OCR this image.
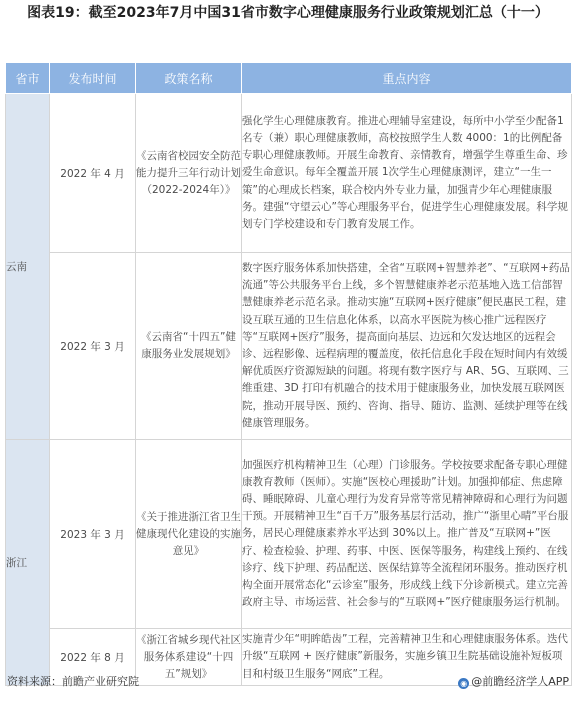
图表19：截至2023年7月中国31省市数字心理健康服务行业政策规划汇总（十一）
省市	发布时间	政策名称	重点内容
云南	2022 年 4 月	《云南省校园安全防范能力提升三年行动计划（2022-2024年）》	强化学生心理健康教育。推进心理辅导室建设，每所中小学至少配备1名专（兼）职心理健康教师，高校按照学生人数 4000：1的比例配备专职心理健康教师。开展生命教育、亲情教育，增强学生尊重生命、珍爱生命意识。每年全覆盖开展 1次学生心理健康测评，建立“一生一策”的心理成长档案，联合校内外专业力量，加强青少年心理健康服务。建强“守望云心”等心理服务平台，促进学生心理健康发展。科学规划专门学校建设和专门教育发展工作。
	2022 年 3 月	《云南省“十四五”健康服务业发展规划》	数字医疗服务体系加快搭建，全省“互联网+智慧养老”、“互联网+药品流通”等公共服务平台上线，多个智慧健康养老示范基地入选工信部智慧健康养老示范名录。推动实施“互联网+医疗健康”便民惠民工程，建设互联互通的卫生信息化体系，以高水平医院为核心推广远程医疗等“互联网+医疗”服务，提高面向基层、边远和欠发达地区的远程会诊、远程影像、远程病理的覆盖度，依托信息化手段在短时间内有效缓解优质医疗资源短缺的问题。将现有数字医疗与 AR、5G、互联网、三维重建、3D 打印有机融合的技术用于健康服务业，加快发展互联网医院，推动开展导医、预约、咨询、指导、随访、监测、延续护理等在线健康管理服务。
浙江	2023 年 3 月	《关于推进浙江省卫生健康现代化建设的实施意见》	加强医疗机构精神卫生（心理）门诊服务。学校按要求配备专职心理健康教育教师（医师）。实施“医校心理援助”计划。加强抑郁症、焦虑障碍、睡眠障碍、儿童心理行为发育异常等常见精神障碍和心理行为问题干预。开展精神卫生“百千万”服务基层行活动，推广“浙里心晴”平台服务，居民心理健康素养水平达到 30%以上。推广普及“互联网+”医疗、检查检验、护理、药事、中医、医保等服务，构建线上预约、在线诊疗、线下护理、药品配送、医保结算等全流程闭环服务。推动医疗机构全面开展常态化“云诊室”服务，形成线上线下分诊新模式。建立完善政府主导、市场运营、社会参与的“互联网+”医疗健康服务运行机制。
	2022 年 8 月	《浙江省城乡现代社区服务体系建设“十四五”规划》	实施青少年“明眸皓齿”工程，完善精神卫生和心理健康服务体系。迭代升级“互联网 + 医疗健康”新服务，实施乡镇卫生院基础设施补短板项目和村级卫生服务“网底”工程。
资料来源：前瞻产业研究院	◉ @前瞻经济学人APP
